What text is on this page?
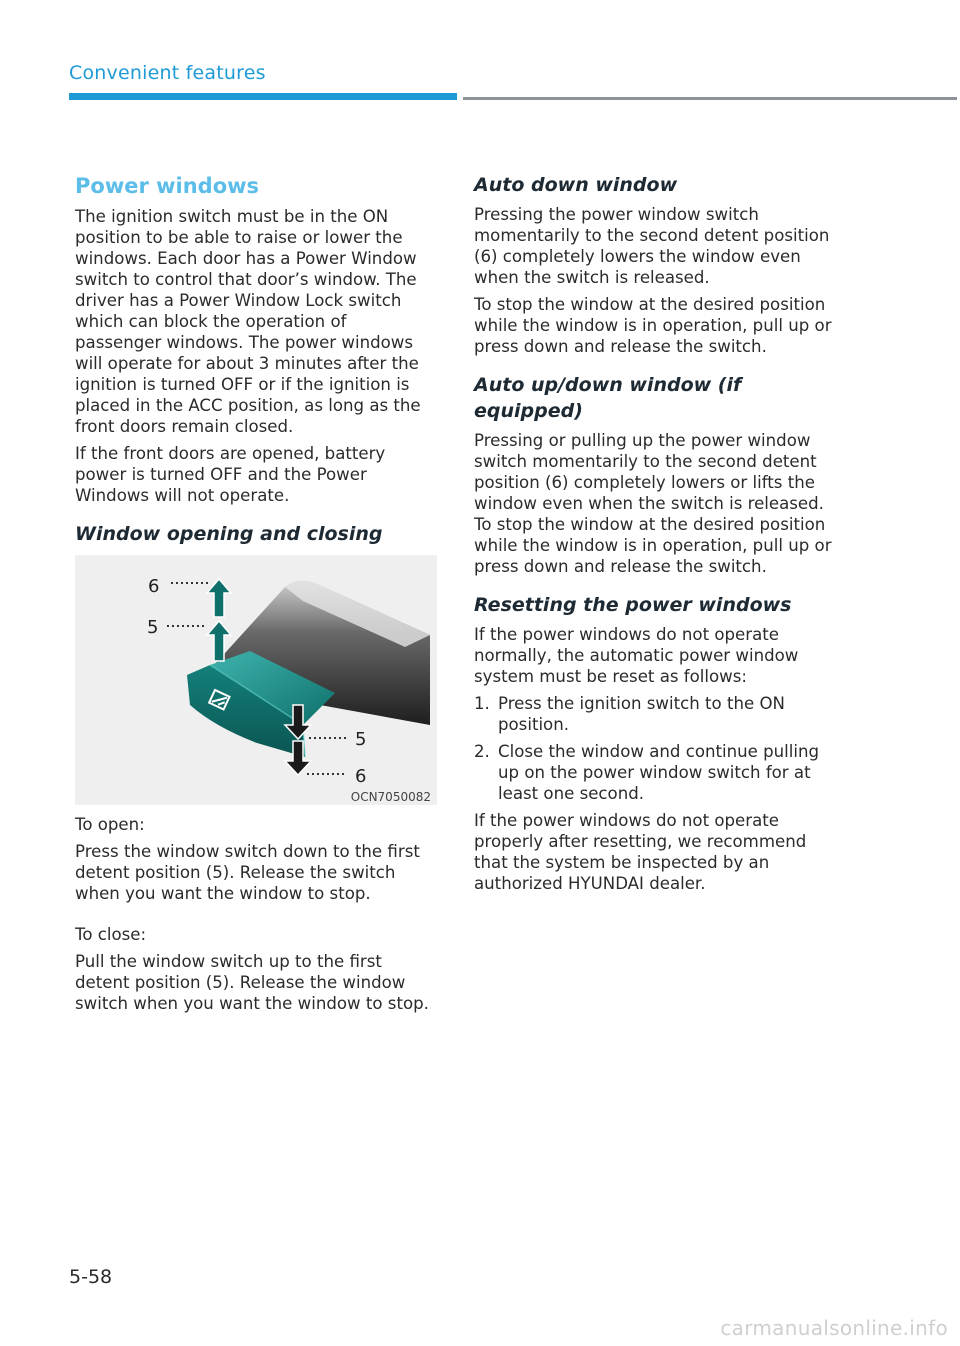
Convenient features
Power windows

The ignition switch must be in the ON position to be able to raise or lower the windows. Each door has a Power Window switch to control that door’s window. The driver has a Power Window Lock switch which can block the operation of passenger windows. The power windows will operate for about 3 minutes after the ignition is turned OFF or if the ignition is placed in the ACC position, as long as the front doors remain closed.

If the front doors are opened, battery power is turned OFF and the Power Windows will not operate.

Window opening and closing
6
5
5
6
OCN7050082

To open:

Press the window switch down to the first detent position (5). Release the switch when you want the window to stop.

To close:

Pull the window switch up to the first detent position (5). Release the window switch when you want the window to stop.

Auto down window

Pressing the power window switch momentarily to the second detent position (6) completely lowers the window even when the switch is released.

To stop the window at the desired position while the window is in operation, pull up or press down and release the switch.

Auto up/down window (if equipped)

Pressing or pulling up the power window switch momentarily to the second detent position (6) completely lowers or lifts the window even when the switch is released. To stop the window at the desired position while the window is in operation, pull up or press down and release the switch.

Resetting the power windows

If the power windows do not operate normally, the automatic power window system must be reset as follows:

1. Press the ignition switch to the ON position.
2. Close the window and continue pulling up on the power window switch for at least one second.

If the power windows do not operate properly after resetting, we recommend that the system be inspected by an authorized HYUNDAI dealer.

5-58
carmanualsonline.info
